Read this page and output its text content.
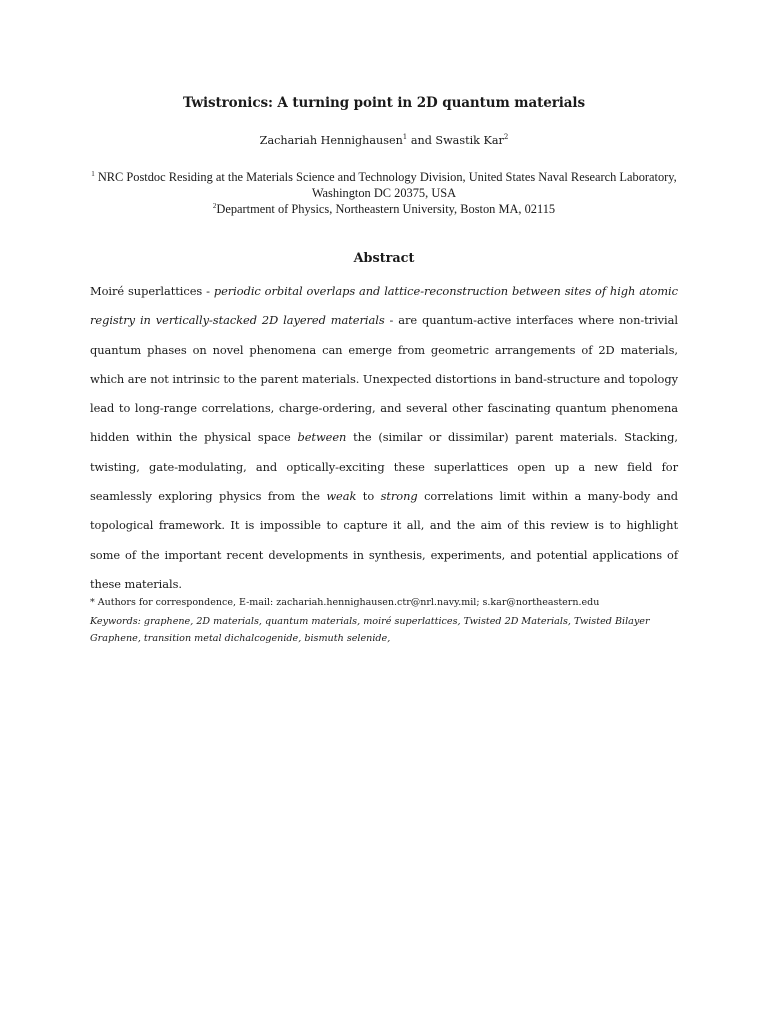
Twistronics: A turning point in 2D quantum materials
Zachariah Hennighausen$^1$ and Swastik Kar$^2$
$^1$ NRC Postdoc Residing at the Materials Science and Technology Division, United States Naval Research Laboratory, Washington DC 20375, USA
$^2$Department of Physics, Northeastern University, Boston MA, 02115
Abstract

Moiré superlattices - periodic orbital overlaps and lattice-reconstruction between sites of high atomic registry in vertically-stacked 2D layered materials - are quantum-active interfaces where non-trivial quantum phases on novel phenomena can emerge from geometric arrangements of 2D materials, which are not intrinsic to the parent materials. Unexpected distortions in band-structure and topology lead to long-range correlations, charge-ordering, and several other fascinating quantum phenomena hidden within the physical space between the (similar or dissimilar) parent materials. Stacking, twisting, gate-modulating, and optically-exciting these superlattices open up a new field for seamlessly exploring physics from the weak to strong correlations limit within a many-body and topological framework. It is impossible to capture it all, and the aim of this review is to highlight some of the important recent developments in synthesis, experiments, and potential applications of these materials.

* Authors for correspondence, E-mail: zachariah.hennighausen.ctr@nrl.navy.mil; s.kar@northeastern.edu

Keywords: graphene, 2D materials, quantum materials, moiré superlattices, Twisted 2D Materials, Twisted Bilayer Graphene, transition metal dichalcogenide, bismuth selenide,
